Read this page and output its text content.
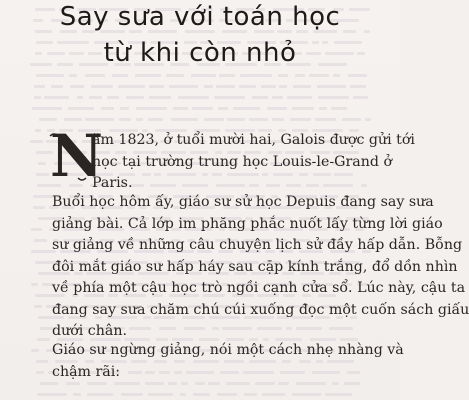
Say sưa với toán học
từ khi còn nhỏ
N
ăm 1823, ở tuổi mười hai, Galois được gửi tới
học tại trường trung học Louis-le-Grand ở
Paris.
Buổi học hôm ấy, giáo sư sử học Depuis đang say sưa
giảng bài. Cả lớp im phăng phắc nuốt lấy từng lời giáo
sư giảng về những câu chuyện lịch sử đầy hấp dẫn. Bỗng
đôi mắt giáo sư hấp háy sau cặp kính trắng, đổ dồn nhìn
về phía một cậu học trò ngồi cạnh cửa sổ. Lúc này, cậu ta
đang say sưa chăm chú cúi xuống đọc một cuốn sách giấu
dưới chân.
Giáo sư ngừng giảng, nói một cách nhẹ nhàng và
chậm rãi:
